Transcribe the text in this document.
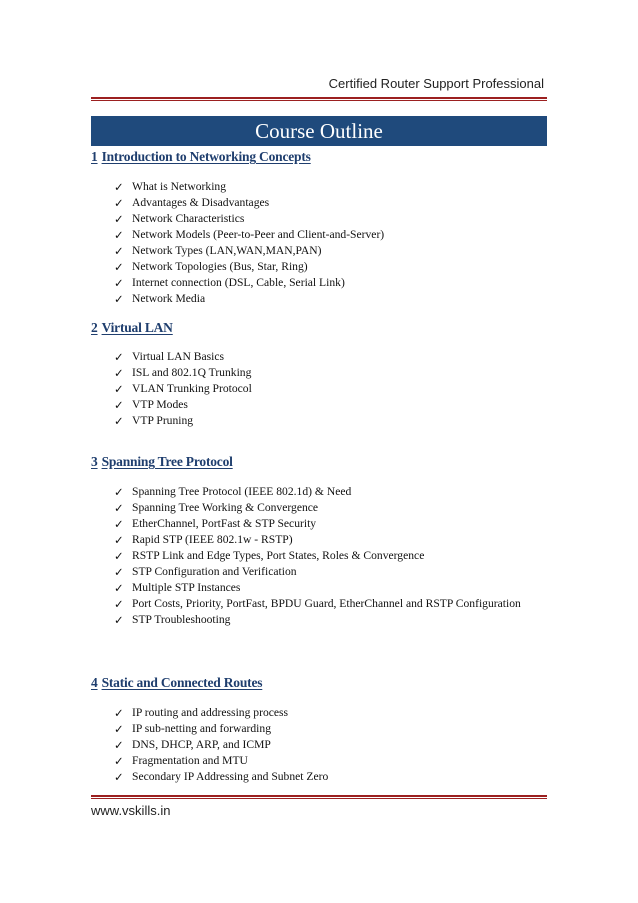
Certified Router Support Professional
Course Outline
1 Introduction to Networking Concepts
✓ What is Networking
✓ Advantages & Disadvantages
✓ Network Characteristics
✓ Network Models (Peer-to-Peer and Client-and-Server)
✓ Network Types (LAN,WAN,MAN,PAN)
✓ Network Topologies (Bus, Star, Ring)
✓ Internet connection (DSL, Cable, Serial Link)
✓ Network Media
2 Virtual LAN
✓ Virtual LAN Basics
✓ ISL and 802.1Q Trunking
✓ VLAN Trunking Protocol
✓ VTP Modes
✓ VTP Pruning
3 Spanning Tree Protocol
✓ Spanning Tree Protocol (IEEE 802.1d) & Need
✓ Spanning Tree Working & Convergence
✓ EtherChannel, PortFast & STP Security
✓ Rapid STP (IEEE 802.1w - RSTP)
✓ RSTP Link and Edge Types, Port States, Roles & Convergence
✓ STP Configuration and Verification
✓ Multiple STP Instances
✓ Port Costs, Priority, PortFast, BPDU Guard, EtherChannel and RSTP Configuration
✓ STP Troubleshooting
4 Static and Connected Routes
✓ IP routing and addressing process
✓ IP sub-netting and forwarding
✓ DNS, DHCP, ARP, and ICMP
✓ Fragmentation and MTU
✓ Secondary IP Addressing and Subnet Zero
www.vskills.in
